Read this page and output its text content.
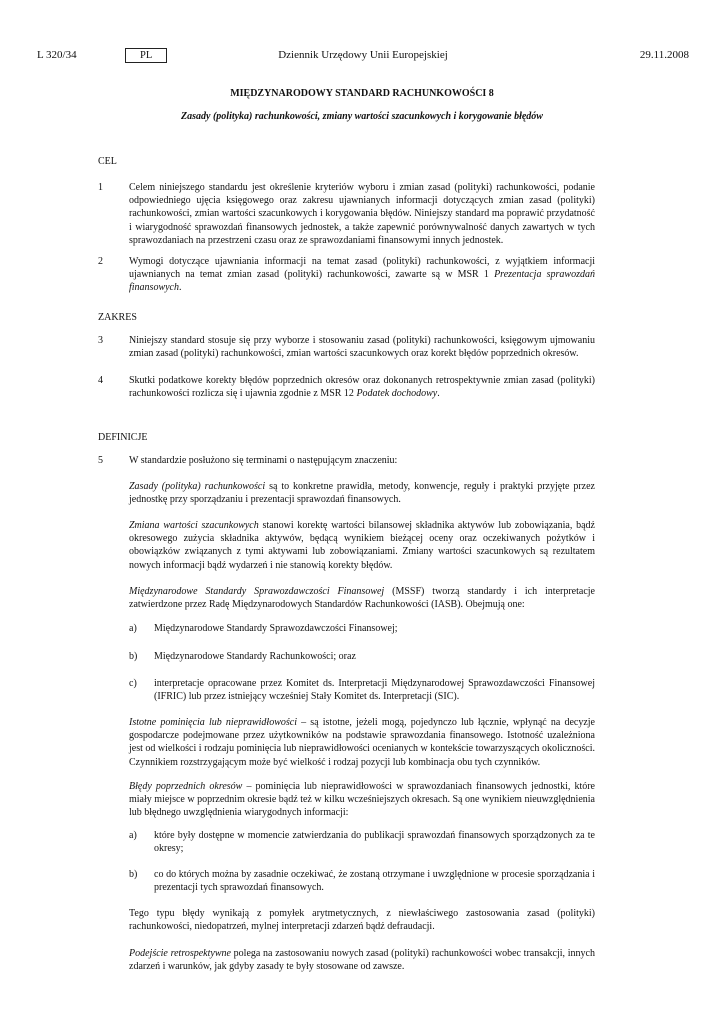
L 320/34	PL	Dziennik Urzędowy Unii Europejskiej	29.11.2008
MIĘDZYNARODOWY STANDARD RACHUNKOWOŚCI 8
Zasady (polityka) rachunkowości, zmiany wartości szacunkowych i korygowanie błędów
CEL
1	Celem niniejszego standardu jest określenie kryteriów wyboru i zmian zasad (polityki) rachunkowości, podanie odpowiedniego ujęcia księgowego oraz zakresu ujawnianych informacji dotyczących zmian zasad (polityki) rachunkowości, zmian wartości szacunkowych i korygowania błędów. Niniejszy standard ma poprawić przydatność i wiarygodność sprawozdań finansowych jednostek, a także zapewnić porównywalność danych zawartych w tych sprawozdaniach na przestrzeni czasu oraz ze sprawozdaniami finansowymi innych jednostek.
2	Wymogi dotyczące ujawniania informacji na temat zasad (polityki) rachunkowości, z wyjątkiem informacji ujawnianych na temat zmian zasad (polityki) rachunkowości, zawarte są w MSR 1 Prezentacja sprawozdań finansowych.
ZAKRES
3	Niniejszy standard stosuje się przy wyborze i stosowaniu zasad (polityki) rachunkowości, księgowym ujmowaniu zmian zasad (polityki) rachunkowości, zmian wartości szacunkowych oraz korekt błędów poprzednich okresów.
4	Skutki podatkowe korekty błędów poprzednich okresów oraz dokonanych retrospektywnie zmian zasad (polityki) rachunkowości rozlicza się i ujawnia zgodnie z MSR 12 Podatek dochodowy.
DEFINICJE
5	W standardzie posłużono się terminami o następującym znaczeniu:
Zasady (polityka) rachunkowości są to konkretne prawidła, metody, konwencje, reguły i praktyki przyjęte przez jednostkę przy sporządzaniu i prezentacji sprawozdań finansowych.
Zmiana wartości szacunkowych stanowi korektę wartości bilansowej składnika aktywów lub zobowiązania, bądź okresowego zużycia składnika aktywów, będącą wynikiem bieżącej oceny oraz oczekiwanych pożytków i obowiązków związanych z tymi aktywami lub zobowiązaniami. Zmiany wartości szacunkowych są rezultatem nowych informacji bądź wydarzeń i nie stanowią korekty błędów.
Międzynarodowe Standardy Sprawozdawczości Finansowej (MSSF) tworzą standardy i ich interpretacje zatwierdzone przez Radę Międzynarodowych Standardów Rachunkowości (IASB). Obejmują one:
a) Międzynarodowe Standardy Sprawozdawczości Finansowej;
b) Międzynarodowe Standardy Rachunkowości; oraz
c) interpretacje opracowane przez Komitet ds. Interpretacji Międzynarodowej Sprawozdawczości Finansowej (IFRIC) lub przez istniejący wcześniej Stały Komitet ds. Interpretacji (SIC).
Istotne pominięcia lub nieprawidłowości – są istotne, jeżeli mogą, pojedynczo lub łącznie, wpłynąć na decyzje gospodarcze podejmowane przez użytkowników na podstawie sprawozdania finansowego. Istotność uzależniona jest od wielkości i rodzaju pominięcia lub nieprawidłowości ocenianych w kontekście towarzyszących okoliczności. Czynnikiem rozstrzygającym może być wielkość i rodzaj pozycji lub kombinacja obu tych czynników.
Błędy poprzednich okresów – pominięcia lub nieprawidłowości w sprawozdaniach finansowych jednostki, które miały miejsce w poprzednim okresie bądź też w kilku wcześniejszych okresach. Są one wynikiem nieuwzględnienia lub błędnego uwzględnienia wiarygodnych informacji:
a) które były dostępne w momencie zatwierdzania do publikacji sprawozdań finansowych sporządzonych za te okresy;
b) co do których można by zasadnie oczekiwać, że zostaną otrzymane i uwzględnione w procesie sporządzania i prezentacji tych sprawozdań finansowych.
Tego typu błędy wynikają z pomyłek arytmetycznych, z niewłaściwego zastosowania zasad (polityki) rachunkowości, niedopatrzeń, mylnej interpretacji zdarzeń bądź defraudacji.
Podejście retrospektywne polega na zastosowaniu nowych zasad (polityki) rachunkowości wobec transakcji, innych zdarzeń i warunków, jak gdyby zasady te były stosowane od zawsze.
